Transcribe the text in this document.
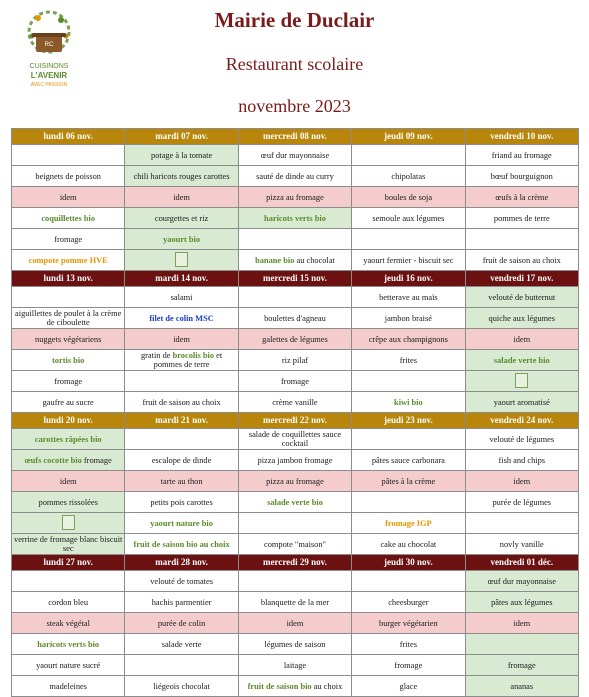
RC
CUISINONS
L'AVENIR
AVEC PASSION
Mairie de Duclair
Restaurant scolaire
novembre 2023
lundi 06 nov.	mardi 07 nov.	mercredi 08 nov.	jeudi 09 nov.	vendredi 10 nov.
	potage à la tomate	œuf dur mayonnaise		friand au fromage
beignets de poisson	chili haricots rouges carottes	sauté de dinde au curry	chipolatas	bœuf bourguignon
idem	idem	pizza au fromage	boules de soja	œufs à la crème
coquillettes bio	courgettes et riz	haricots verts bio	semoule aux légumes	pommes de terre
fromage	yaourt bio			
compote pomme HVE		banane bio au chocolat	yaourt fermier - biscuit sec	fruit de saison au choix
lundi 13 nov.	mardi 14 nov.	mercredi 15 nov.	jeudi 16 nov.	vendredi 17 nov.
	salami		betterave au maïs	velouté de butternut
aiguillettes de poulet à la crème de ciboulette	filet de colin MSC	boulettes d'agneau	jambon braisé	quiche aux légumes
nuggets végétariens	idem	galettes de légumes	crêpe aux champignons	idem
tortis bio	gratin de brocolis bio et pommes de terre	riz pilaf	frites	salade verte bio
fromage		fromage		
gaufre au sucre	fruit de saison au choix	crème vanille	kiwi bio	yaourt aromatisé
lundi 20 nov.	mardi 21 nov.	mercredi 22 nov.	jeudi 23 nov.	vendredi 24 nov.
carottes râpées bio		salade de coquillettes sauce cocktail		velouté de légumes
œufs cocotte bio fromage	escalope de dinde	pizza jambon fromage	pâtes sauce carbonara	fish and chips
idem	tarte au thon	pizza au fromage	pâtes à la crème	idem
pommes rissolées	petits pois carottes	salade verte bio		purée de légumes
	yaourt nature bio		fromage IGP	
verrine de fromage blanc biscuit sec	fruit de saison bio au choix	compote "maison"	cake au chocolat	novly vanille
lundi 27 nov.	mardi 28 nov.	mercredi 29 nov.	jeudi 30 nov.	vendredi 01 déc.
	velouté de tomates			œuf dur mayonnaise
cordon bleu	hachis parmentier	blanquette de la mer	cheesburger	pâtes aux légumes
steak végétal	purée de colin	idem	burger végétarien	idem
haricots verts bio	salade verte	légumes de saison	frites	
yaourt nature sucré		laitage	fromage	fromage
madeleines	liégeois chocolat	fruit de saison bio au choix	glace	ananas
